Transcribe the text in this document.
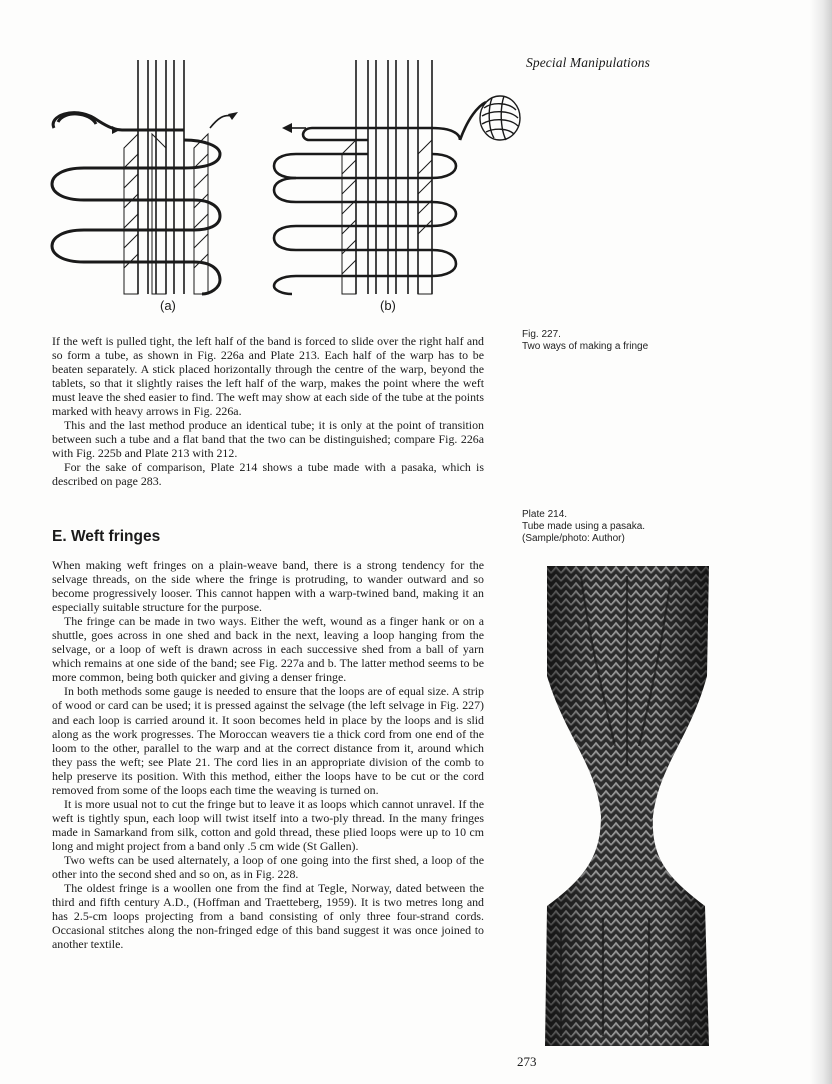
Special Manipulations
(a)	(b)
Fig. 227.
Two ways of making a fringe

If the weft is pulled tight, the left half of the band is forced to slide over the right half and so form a tube, as shown in Fig. 226a and Plate 213. Each half of the warp has to be beaten separately. A stick placed horizontally through the centre of the warp, beyond the tablets, so that it slightly raises the left half of the warp, makes the point where the weft must leave the shed easier to find. The weft may show at each side of the tube at the points marked with heavy arrows in Fig. 226a.

This and the last method produce an identical tube; it is only at the point of transition between such a tube and a flat band that the two can be distinguished; compare Fig. 226a with Fig. 225b and Plate 213 with 212.

For the sake of comparison, Plate 214 shows a tube made with a pasaka, which is described on page 283.

Plate 214.
Tube made using a pasaka.
(Sample/photo: Author)
E. Weft fringes

When making weft fringes on a plain-weave band, there is a strong tendency for the selvage threads, on the side where the fringe is protruding, to wander outward and so become progressively looser. This cannot happen with a warp-twined band, making it an especially suitable structure for the purpose.

The fringe can be made in two ways. Either the weft, wound as a finger hank or on a shuttle, goes across in one shed and back in the next, leaving a loop hanging from the selvage, or a loop of weft is drawn across in each successive shed from a ball of yarn which remains at one side of the band; see Fig. 227a and b. The latter method seems to be more common, being both quicker and giving a denser fringe.

In both methods some gauge is needed to ensure that the loops are of equal size. A strip of wood or card can be used; it is pressed against the selvage (the left selvage in Fig. 227) and each loop is carried around it. It soon becomes held in place by the loops and is slid along as the work progresses. The Moroccan weavers tie a thick cord from one end of the loom to the other, parallel to the warp and at the correct distance from it, around which they pass the weft; see Plate 21. The cord lies in an appropriate division of the comb to help preserve its position. With this method, either the loops have to be cut or the cord removed from some of the loops each time the weaving is turned on.

It is more usual not to cut the fringe but to leave it as loops which cannot unravel. If the weft is tightly spun, each loop will twist itself into a two-ply thread. In the many fringes made in Samarkand from silk, cotton and gold thread, these plied loops were up to 10 cm long and might project from a band only .5 cm wide (St Gallen).

Two wefts can be used alternately, a loop of one going into the first shed, a loop of the other into the second shed and so on, as in Fig. 228.

The oldest fringe is a woollen one from the find at Tegle, Norway, dated between the third and fifth century A.D., (Hoffman and Traetteberg, 1959). It is two metres long and has 2.5-cm loops projecting from a band consisting of only three four-strand cords. Occasional stitches along the non-fringed edge of this band suggest it was once joined to another textile.

273
